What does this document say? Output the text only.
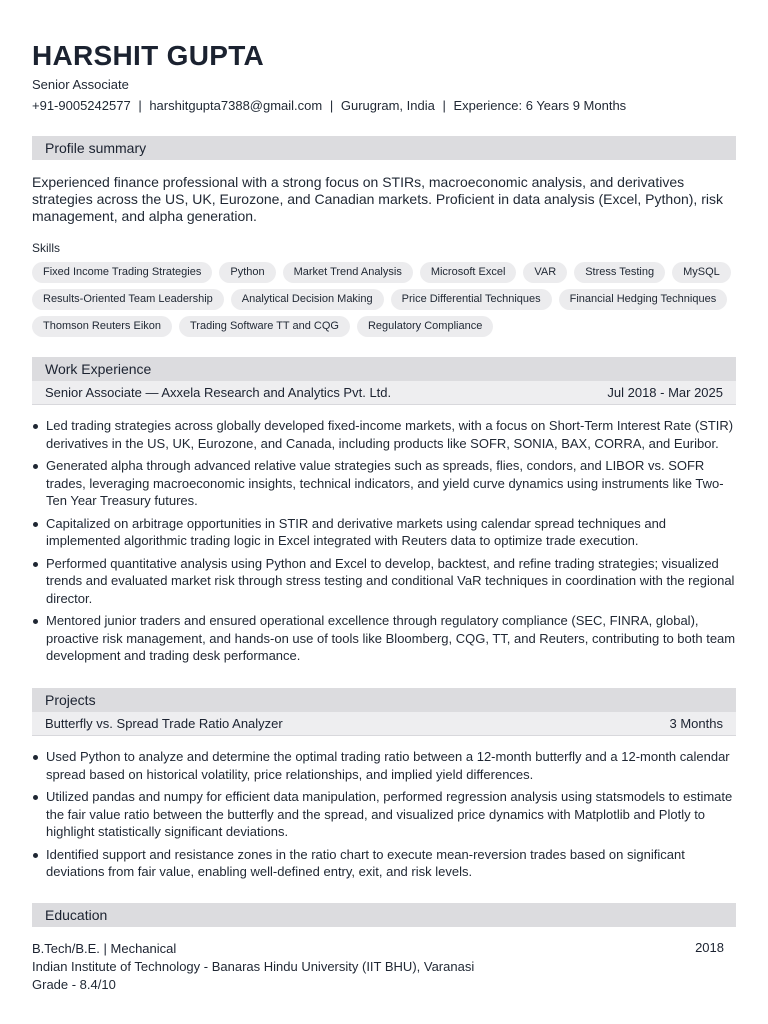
HARSHIT GUPTA
Senior Associate
+91-9005242577 | harshitgupta7388@gmail.com | Gurugram, India | Experience: 6 Years 9 Months
Profile summary

Experienced finance professional with a strong focus on STIRs, macroeconomic analysis, and derivatives strategies across the US, UK, Eurozone, and Canadian markets. Proficient in data analysis (Excel, Python), risk management, and alpha generation.

Skills
Fixed Income Trading Strategies	Python	Market Trend Analysis	Microsoft Excel	VAR	Stress Testing	MySQL
Results-Oriented Team Leadership	Analytical Decision Making	Price Differential Techniques	Financial Hedging Techniques
Thomson Reuters Eikon	Trading Software TT and CQG	Regulatory Compliance
Work Experience
Senior Associate — Axxela Research and Analytics Pvt. Ltd.	Jul 2018 - Mar 2025
Led trading strategies across globally developed fixed-income markets, with a focus on Short-Term Interest Rate (STIR) derivatives in the US, UK, Eurozone, and Canada, including products like SOFR, SONIA, BAX, CORRA, and Euribor.
Generated alpha through advanced relative value strategies such as spreads, flies, condors, and LIBOR vs. SOFR trades, leveraging macroeconomic insights, technical indicators, and yield curve dynamics using instruments like Two-Ten Year Treasury futures.
Capitalized on arbitrage opportunities in STIR and derivative markets using calendar spread techniques and implemented algorithmic trading logic in Excel integrated with Reuters data to optimize trade execution.
Performed quantitative analysis using Python and Excel to develop, backtest, and refine trading strategies; visualized trends and evaluated market risk through stress testing and conditional VaR techniques in coordination with the regional director.
Mentored junior traders and ensured operational excellence through regulatory compliance (SEC, FINRA, global), proactive risk management, and hands-on use of tools like Bloomberg, CQG, TT, and Reuters, contributing to both team development and trading desk performance.
Projects
Butterfly vs. Spread Trade Ratio Analyzer	3 Months
Used Python to analyze and determine the optimal trading ratio between a 12-month butterfly and a 12-month calendar spread based on historical volatility, price relationships, and implied yield differences.
Utilized pandas and numpy for efficient data manipulation, performed regression analysis using statsmodels to estimate the fair value ratio between the butterfly and the spread, and visualized price dynamics with Matplotlib and Plotly to highlight statistically significant deviations.
Identified support and resistance zones in the ratio chart to execute mean-reversion trades based on significant deviations from fair value, enabling well-defined entry, exit, and risk levels.
Education
B.Tech/B.E. | Mechanical	2018
Indian Institute of Technology - Banaras Hindu University (IIT BHU), Varanasi
Grade - 8.4/10
